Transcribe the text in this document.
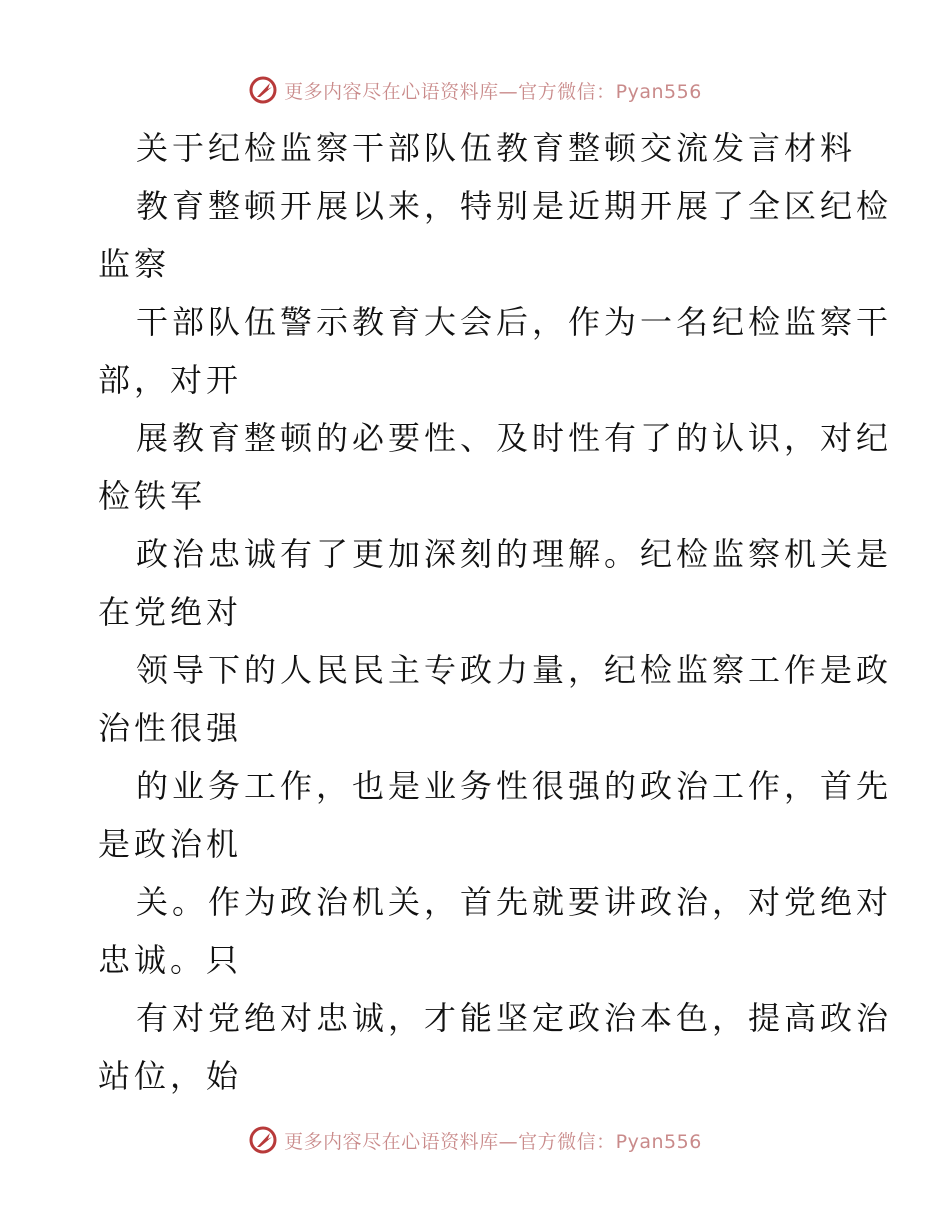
更多内容尽在心语资料库—官方微信：Pyan556
关于纪检监察干部队伍教育整顿交流发言材料
教育整顿开展以来，特别是近期开展了全区纪检
监察
干部队伍警示教育大会后，作为一名纪检监察干
部，对开
展教育整顿的必要性、及时性有了的认识，对纪
检铁军
政治忠诚有了更加深刻的理解。纪检监察机关是
在党绝对
领导下的人民民主专政力量，纪检监察工作是政
治性很强
的业务工作，也是业务性很强的政治工作，首先
是政治机
关。作为政治机关，首先就要讲政治，对党绝对
忠诚。只
有对党绝对忠诚，才能坚定政治本色，提高政治
站位，始
更多内容尽在心语资料库—官方微信：Pyan556
